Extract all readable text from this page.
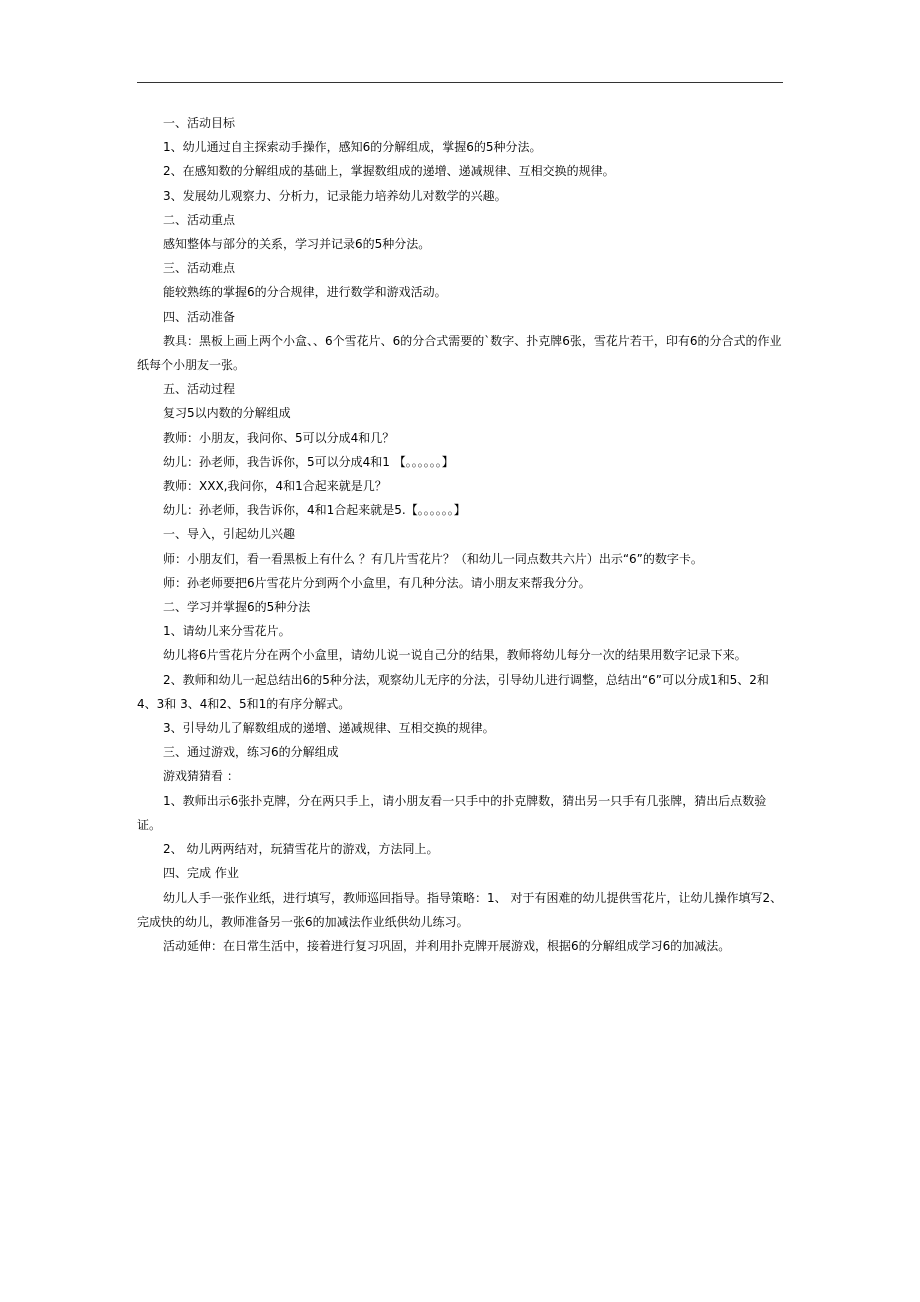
一、活动目标
1、幼儿通过自主探索动手操作，感知6的分解组成，掌握6的5种分法。
2、在感知数的分解组成的基础上，掌握数组成的递增、递减规律、互相交换的规律。
3、发展幼儿观察力、分析力，记录能力培养幼儿对数学的兴趣。
二、活动重点
感知整体与部分的关系，学习并记录6的5种分法。
三、活动难点
能较熟练的掌握6的分合规律，进行数学和游戏活动。
四、活动准备
教具：黑板上画上两个小盒、、6个雪花片、6的分合式需要的`数字、扑克牌6张，雪花片若干，印有6的分合式的作业纸每个小朋友一张。
五、活动过程
复习5以内数的分解组成
教师：小朋友，我问你、5可以分成4和几？
幼儿：孙老师，我告诉你，5可以分成4和1 【。。。。。。】
教师：XXX,我问你，4和1合起来就是几？
幼儿：孙老师，我告诉你，4和1合起来就是5.【。。。。。。】
一、导入，引起幼儿兴趣
师：小朋友们，看一看黑板上有什么 ？有几片雪花片？（和幼儿一同点数共六片）出示“6”的数字卡。
师：孙老师要把6片雪花片分到两个小盒里，有几种分法。请小朋友来帮我分分。
二、学习并掌握6的5种分法
1、请幼儿来分雪花片。
幼儿将6片雪花片分在两个小盒里，请幼儿说一说自己分的结果，教师将幼儿每分一次的结果用数字记录下来。
2、教师和幼儿一起总结出6的5种分法，观察幼儿无序的分法，引导幼儿进行调整，总结出“6”可以分成1和5、2和4、3和 3、4和2、5和1的有序分解式。
3、引导幼儿了解数组成的递增、递减规律、互相交换的规律。
三、通过游戏，练习6的分解组成
游戏猜猜看 ：
1、教师出示6张扑克牌，分在两只手上，请小朋友看一只手中的扑克牌数，猜出另一只手有几张牌，猜出后点数验证。
2、 幼儿两两结对，玩猜雪花片的游戏，方法同上。
四、完成 作业
幼儿人手一张作业纸，进行填写，教师巡回指导。指导策略：1、 对于有困难的幼儿提供雪花片，让幼儿操作填写2、完成快的幼儿，教师准备另一张6的加减法作业纸供幼儿练习。
活动延伸：在日常生活中，接着进行复习巩固，并利用扑克牌开展游戏，根据6的分解组成学习6的加减法。
